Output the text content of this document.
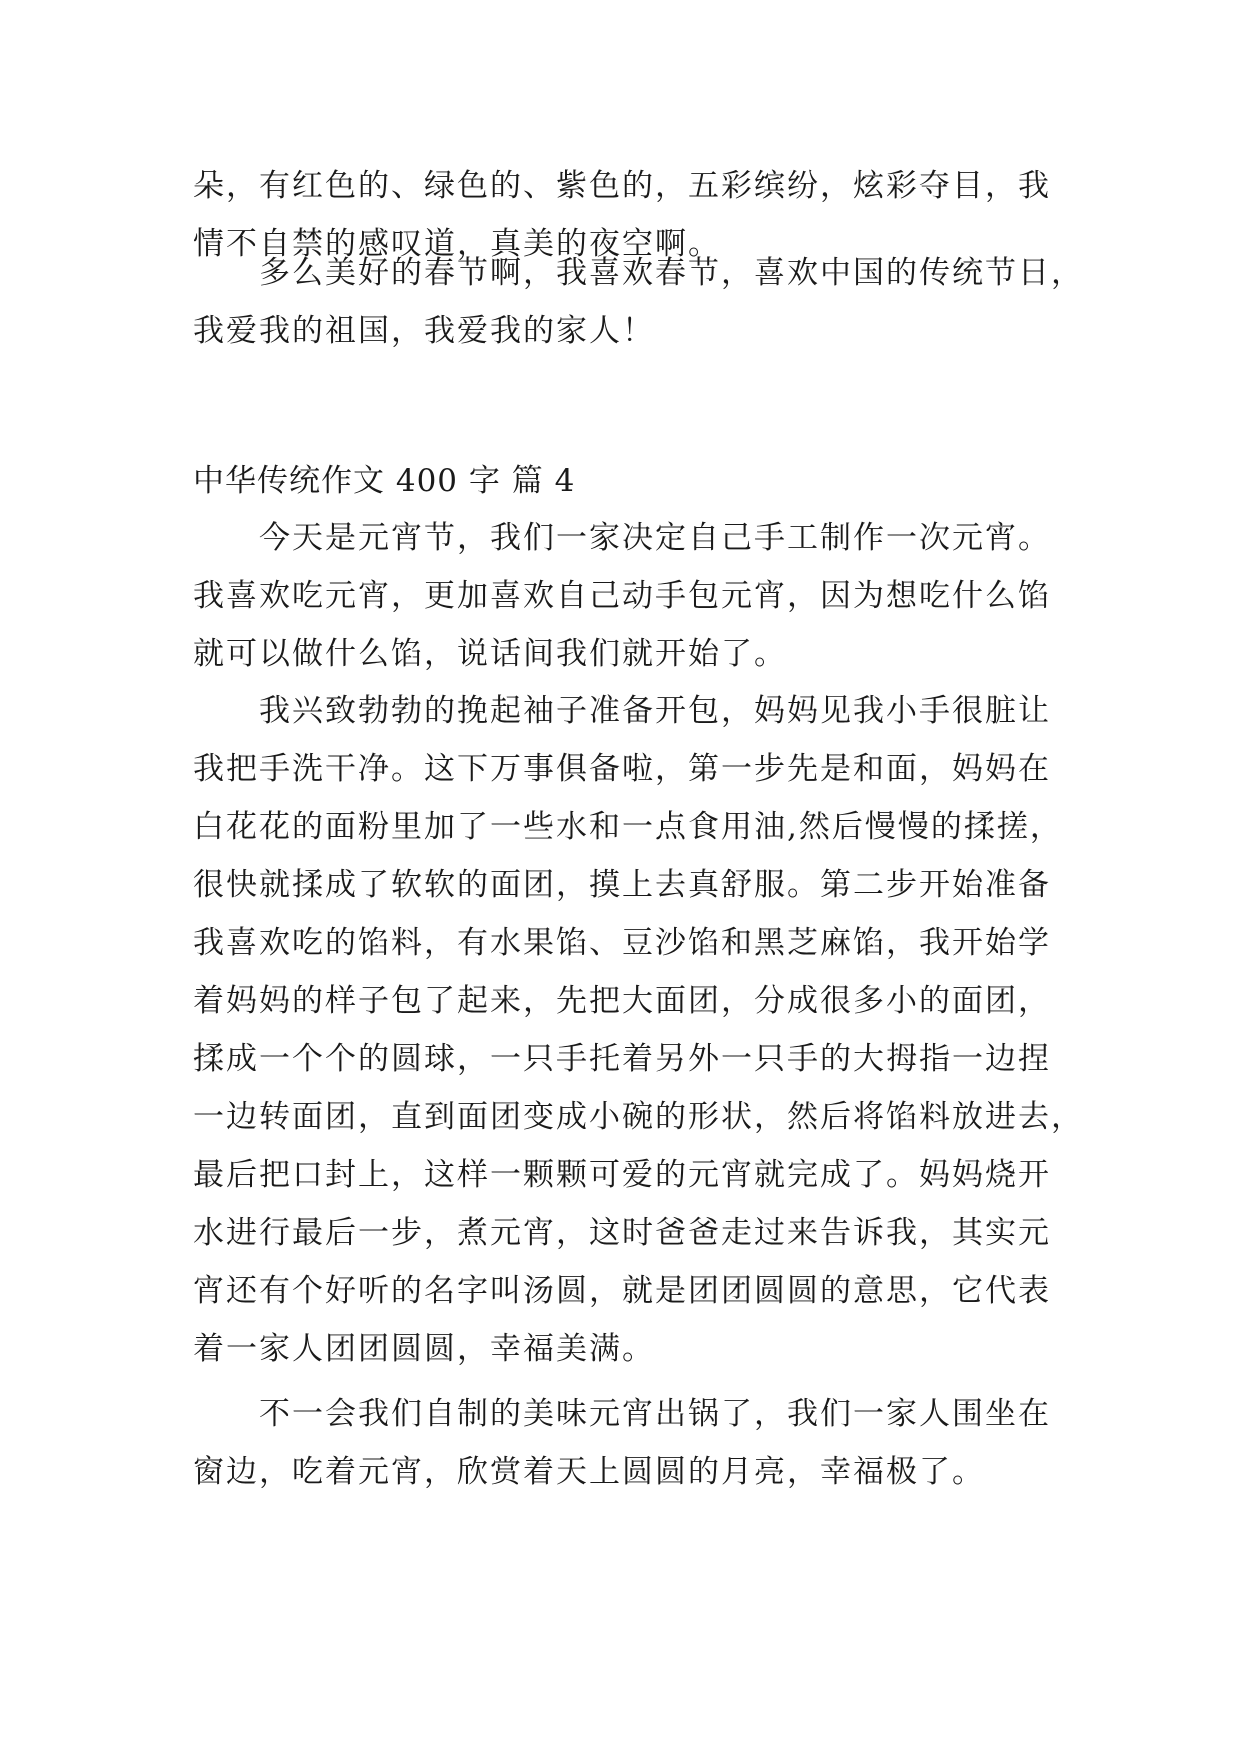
朵，有红色的、绿色的、紫色的，五彩缤纷，炫彩夺目，我
情不自禁的感叹道，真美的夜空啊。
多么美好的春节啊，我喜欢春节，喜欢中国的传统节日，
我爱我的祖国，我爱我的家人！
中华传统作文 400 字 篇 4
今天是元宵节，我们一家决定自己手工制作一次元宵。
我喜欢吃元宵，更加喜欢自己动手包元宵，因为想吃什么馅
就可以做什么馅，说话间我们就开始了。
我兴致勃勃的挽起袖子准备开包，妈妈见我小手很脏让
我把手洗干净。这下万事俱备啦，第一步先是和面，妈妈在
白花花的面粉里加了一些水和一点食用油,然后慢慢的揉搓，
很快就揉成了软软的面团，摸上去真舒服。第二步开始准备
我喜欢吃的馅料，有水果馅、豆沙馅和黑芝麻馅，我开始学
着妈妈的样子包了起来，先把大面团，分成很多小的面团，
揉成一个个的圆球，一只手托着另外一只手的大拇指一边捏
一边转面团，直到面团变成小碗的形状，然后将馅料放进去，
最后把口封上，这样一颗颗可爱的元宵就完成了。妈妈烧开
水进行最后一步，煮元宵，这时爸爸走过来告诉我，其实元
宵还有个好听的名字叫汤圆，就是团团圆圆的意思，它代表
着一家人团团圆圆，幸福美满。
不一会我们自制的美味元宵出锅了，我们一家人围坐在
窗边，吃着元宵，欣赏着天上圆圆的月亮，幸福极了。
